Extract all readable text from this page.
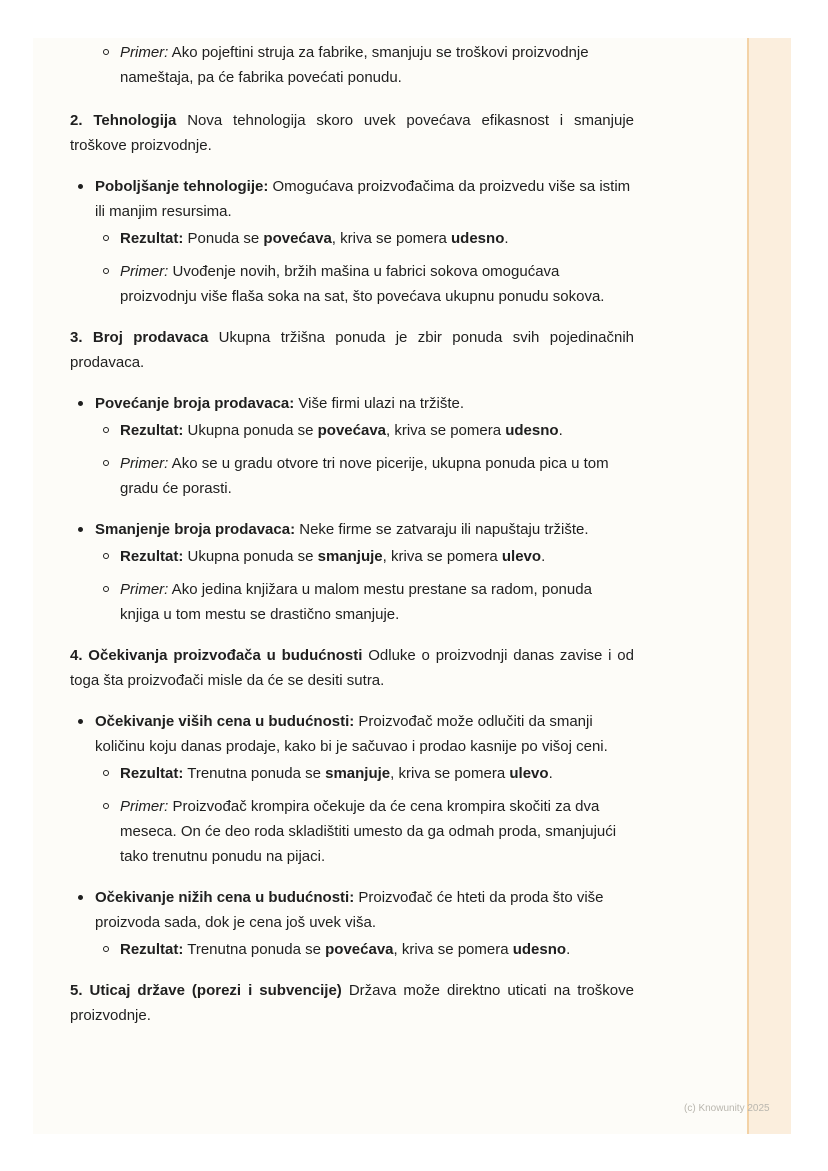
Primer: Ako pojeftini struja za fabrike, smanjuju se troškovi proizvodnje nameštaja, pa će fabrika povećati ponudu.

2. Tehnologija Nova tehnologija skoro uvek povećava efikasnost i smanjuje troškove proizvodnje.

Poboljšanje tehnologije: Omogućava proizvođačima da proizvedu više sa istim ili manjim resursima.
Rezultat: Ponuda se povećava, kriva se pomera udesno.
Primer: Uvođenje novih, bržih mašina u fabrici sokova omogućava proizvodnju više flaša soka na sat, što povećava ukupnu ponudu sokova.

3. Broj prodavaca Ukupna tržišna ponuda je zbir ponuda svih pojedinačnih prodavaca.

Povećanje broja prodavaca: Više firmi ulazi na tržište.
Rezultat: Ukupna ponuda se povećava, kriva se pomera udesno.
Primer: Ako se u gradu otvore tri nove picerije, ukupna ponuda pica u tom gradu će porasti.
Smanjenje broja prodavaca: Neke firme se zatvaraju ili napuštaju tržište.
Rezultat: Ukupna ponuda se smanjuje, kriva se pomera ulevo.
Primer: Ako jedina knjižara u malom mestu prestane sa radom, ponuda knjiga u tom mestu se drastično smanjuje.

4. Očekivanja proizvođača u budućnosti Odluke o proizvodnji danas zavise i od toga šta proizvođači misle da će se desiti sutra.

Očekivanje viših cena u budućnosti: Proizvođač može odlučiti da smanji količinu koju danas prodaje, kako bi je sačuvao i prodao kasnije po višoj ceni.
Rezultat: Trenutna ponuda se smanjuje, kriva se pomera ulevo.
Primer: Proizvođač krompira očekuje da će cena krompira skočiti za dva meseca. On će deo roda skladištiti umesto da ga odmah proda, smanjujući tako trenutnu ponudu na pijaci.
Očekivanje nižih cena u budućnosti: Proizvođač će hteti da proda što više proizvoda sada, dok je cena još uvek viša.
Rezultat: Trenutna ponuda se povećava, kriva se pomera udesno.

5. Uticaj države (porezi i subvencije) Država može direktno uticati na troškove proizvodnje.

(c) Knowunity 2025
